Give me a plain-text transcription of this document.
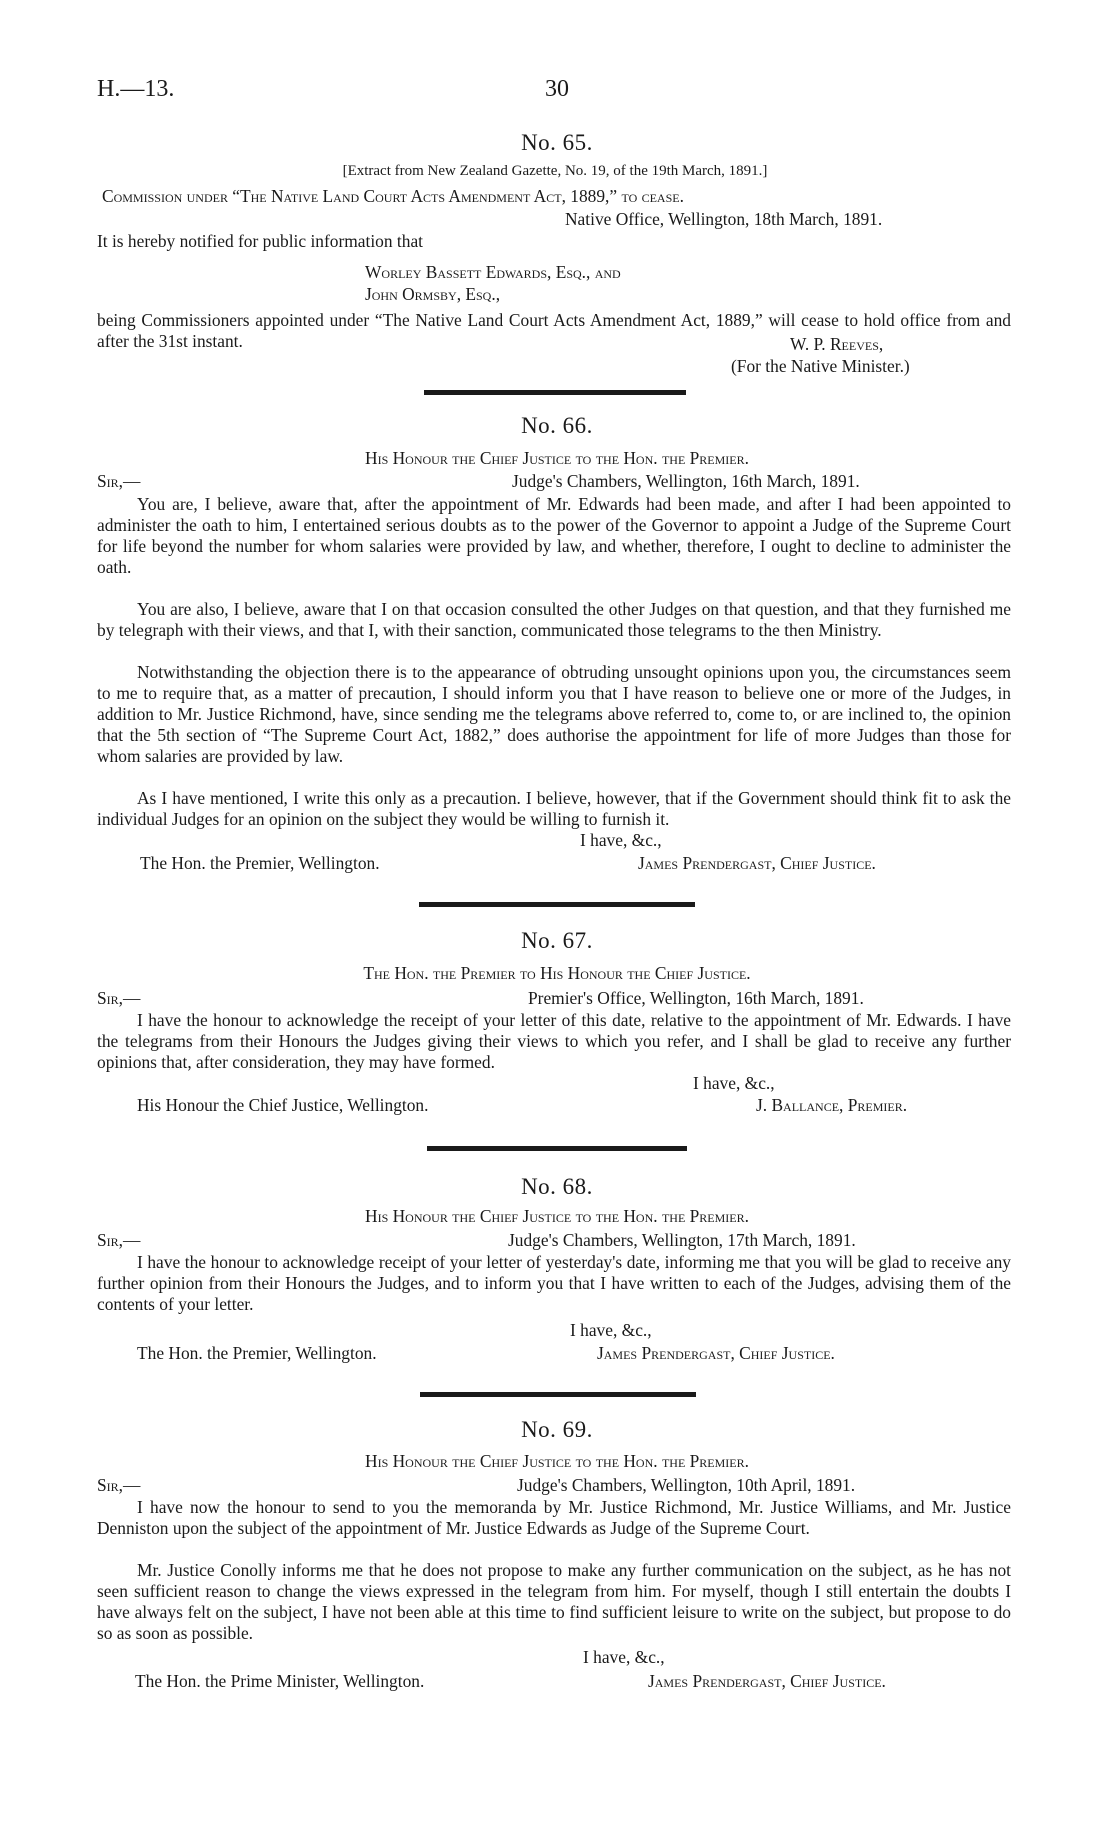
H.—13.	30
No. 65.
[Extract from New Zealand Gazette, No. 19, of the 19th March, 1891.]
Commission under “The Native Land Court Acts Amendment Act, 1889,” to cease.
Native Office, Wellington, 18th March, 1891.
It is hereby notified for public information that
Worley Bassett Edwards, Esq., and
John Ormsby, Esq.,
being Commissioners appointed under “The Native Land Court Acts Amendment Act, 1889,” will cease to hold office from and after the 31st instant.	W. P. Reeves,
(For the Native Minister.)
No. 66.
His Honour the Chief Justice to the Hon. the Premier.
Sir,—	Judge's Chambers, Wellington, 16th March, 1891.
You are, I believe, aware that, after the appointment of Mr. Edwards had been made, and after I had been appointed to administer the oath to him, I entertained serious doubts as to the power of the Governor to appoint a Judge of the Supreme Court for life beyond the number for whom salaries were provided by law, and whether, therefore, I ought to decline to administer the oath.
You are also, I believe, aware that I on that occasion consulted the other Judges on that question, and that they furnished me by telegraph with their views, and that I, with their sanction, communicated those telegrams to the then Ministry.
Notwithstanding the objection there is to the appearance of obtruding unsought opinions upon you, the circumstances seem to me to require that, as a matter of precaution, I should inform you that I have reason to believe one or more of the Judges, in addition to Mr. Justice Richmond, have, since sending me the telegrams above referred to, come to, or are inclined to, the opinion that the 5th section of “The Supreme Court Act, 1882,” does authorise the appointment for life of more Judges than those for whom salaries are provided by law.
As I have mentioned, I write this only as a precaution. I believe, however, that if the Government should think fit to ask the individual Judges for an opinion on the subject they would be willing to furnish it.
I have, &c.,
The Hon. the Premier, Wellington.	James Prendergast, Chief Justice.
No. 67.
The Hon. the Premier to His Honour the Chief Justice.
Sir,—	Premier's Office, Wellington, 16th March, 1891.
I have the honour to acknowledge the receipt of your letter of this date, relative to the appointment of Mr. Edwards. I have the telegrams from their Honours the Judges giving their views to which you refer, and I shall be glad to receive any further opinions that, after consideration, they may have formed.
I have, &c.,
His Honour the Chief Justice, Wellington.	J. Ballance, Premier.
No. 68.
His Honour the Chief Justice to the Hon. the Premier.
Sir,—	Judge's Chambers, Wellington, 17th March, 1891.
I have the honour to acknowledge receipt of your letter of yesterday's date, informing me that you will be glad to receive any further opinion from their Honours the Judges, and to inform you that I have written to each of the Judges, advising them of the contents of your letter.
I have, &c.,
The Hon. the Premier, Wellington.	James Prendergast, Chief Justice.
No. 69.
His Honour the Chief Justice to the Hon. the Premier.
Sir,—	Judge's Chambers, Wellington, 10th April, 1891.
I have now the honour to send to you the memoranda by Mr. Justice Richmond, Mr. Justice Williams, and Mr. Justice Denniston upon the subject of the appointment of Mr. Justice Edwards as Judge of the Supreme Court.
Mr. Justice Conolly informs me that he does not propose to make any further communication on the subject, as he has not seen sufficient reason to change the views expressed in the telegram from him. For myself, though I still entertain the doubts I have always felt on the subject, I have not been able at this time to find sufficient leisure to write on the subject, but propose to do so as soon as possible.
I have, &c.,
The Hon. the Prime Minister, Wellington.	James Prendergast, Chief Justice.
